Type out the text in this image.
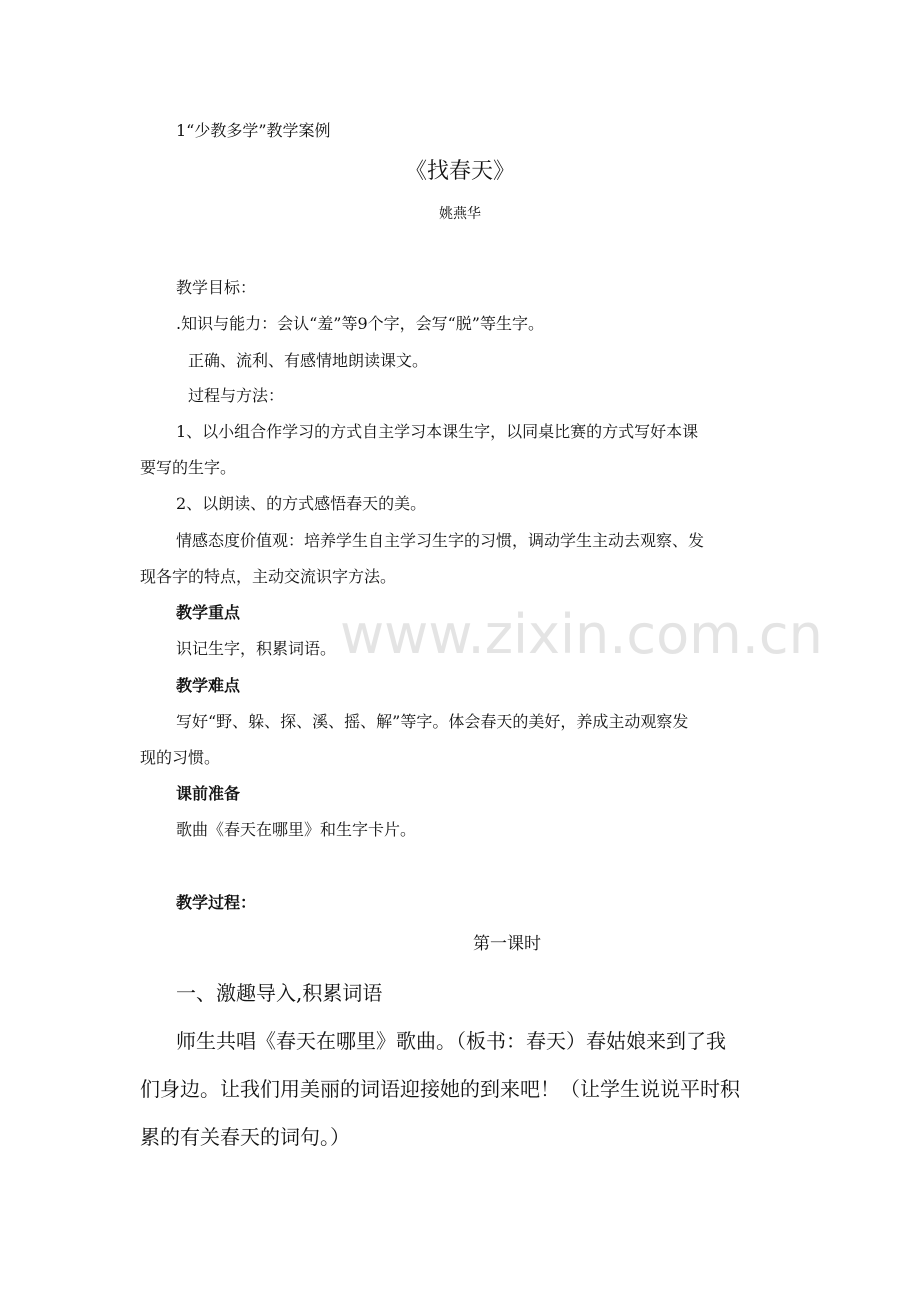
1“少教多学”教学案例
《找春天》
姚燕华
教学目标：
.知识与能力：会认“羞”等9个字，会写“脱”等生字。
正确、流利、有感情地朗读课文。
过程与方法：
1、以小组合作学习的方式自主学习本课生字，以同桌比赛的方式写好本课
要写的生字。
2、以朗读、的方式感悟春天的美。
情感态度价值观：培养学生自主学习生字的习惯，调动学生主动去观察、发
现各字的特点，主动交流识字方法。
教学重点
识记生字，积累词语。
教学难点
写好“野、躲、探、溪、摇、解”等字。体会春天的美好，养成主动观察发
现的习惯。
课前准备
歌曲《春天在哪里》和生字卡片。
教学过程：
第一课时
一、激趣导入,积累词语
师生共唱《春天在哪里》歌曲。（板书：春天）春姑娘来到了我
们身边。让我们用美丽的词语迎接她的到来吧！（让学生说说平时积
累的有关春天的词句。）
www.zixin.com.cn
